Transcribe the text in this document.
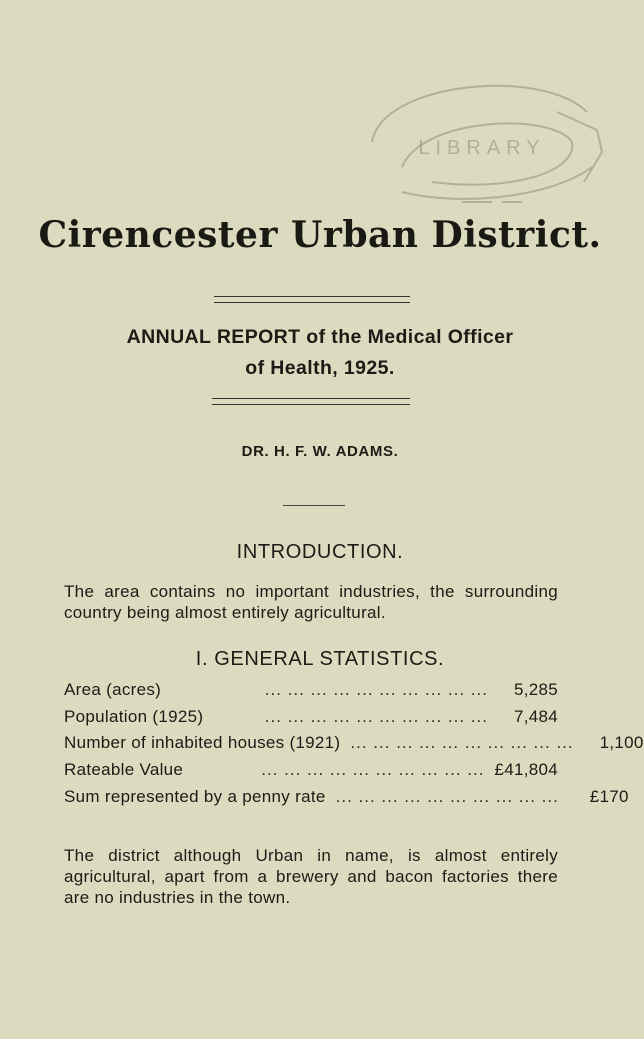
LIBRARY
Cirencester Urban District.
ANNUAL REPORT of the Medical Officer
of Health, 1925.
DR. H. F. W. ADAMS.
INTRODUCTION.
The area contains no important industries, the surrounding country being almost entirely agricultural.
I. GENERAL STATISTICS.
Area (acres)	... ... ... ... ... ... ... ... ... ...	5,285
Population (1925)	... ... ... ... ... ... ... ... ... ...	7,484
Number of inhabited houses (1921) ... ... ... ... ... ... ... ... ... ...	1,100
Rateable Value	... ... ... ... ... ... ... ... ... ... £41,804
Sum represented by a penny rate ... ... ... ... ... ... ... ... ... ...	£170
The district although Urban in name, is almost entirely agricultural, apart from a brewery and bacon factories there are no industries in the town.
